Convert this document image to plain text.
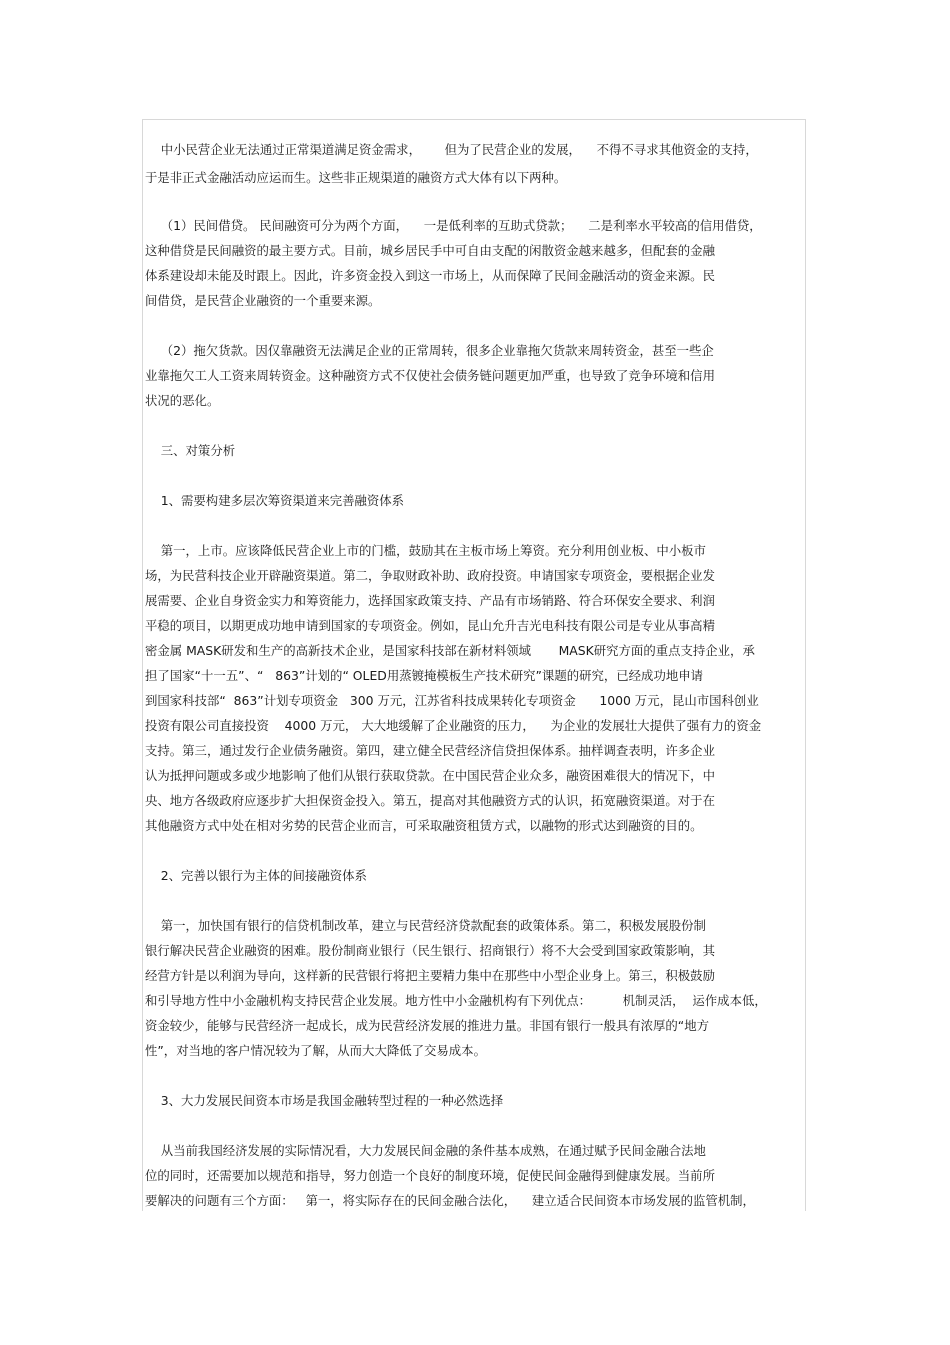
中小民营企业无法通过正常渠道满足资金需求，      但为了民营企业的发展，    不得不寻求其他资金的支持，
于是非正式金融活动应运而生。这些非正规渠道的融资方式大体有以下两种。
（1）民间借贷。 民间融资可分为两个方面，    一是低利率的互助式贷款；    二是利率水平较高的信用借贷，
这种借贷是民间融资的最主要方式。目前，城乡居民手中可自由支配的闲散资金越来越多，但配套的金融
体系建设却未能及时跟上。因此，许多资金投入到这一市场上，从而保障了民间金融活动的资金来源。民
间借贷，是民营企业融资的一个重要来源。
（2）拖欠货款。因仅靠融资无法满足企业的正常周转，很多企业靠拖欠货款来周转资金，甚至一些企
业靠拖欠工人工资来周转资金。这种融资方式不仅使社会债务链问题更加严重，也导致了竞争环境和信用
状况的恶化。
三、对策分析
1、需要构建多层次筹资渠道来完善融资体系
第一，上市。应该降低民营企业上市的门槛，鼓励其在主板市场上筹资。充分利用创业板、中小板市
场，为民营科技企业开辟融资渠道。第二，争取财政补助、政府投资。申请国家专项资金，要根据企业发
展需要、企业自身资金实力和筹资能力，选择国家政策支持、产品有市场销路、符合环保安全要求、利润
平稳的项目，以期更成功地申请到国家的专项资金。例如，昆山允升吉光电科技有限公司是专业从事高精
密金属 MASK研发和生产的高新技术企业，是国家科技部在新材料领域       MASK研究方面的重点支持企业，承
担了国家“十一五”、“   863”计划的“ OLED用蒸镀掩模板生产技术研究”课题的研究，已经成功地申请
到国家科技部“  863”计划专项资金   300 万元，江苏省科技成果转化专项资金      1000 万元，昆山市国科创业
投资有限公司直接投资    4000 万元， 大大地缓解了企业融资的压力，    为企业的发展壮大提供了强有力的资金
支持。第三，通过发行企业债务融资。第四，建立健全民营经济信贷担保体系。抽样调查表明，许多企业
认为抵押问题或多或少地影响了他们从银行获取贷款。在中国民营企业众多，融资困难很大的情况下，中
央、地方各级政府应逐步扩大担保资金投入。第五，提高对其他融资方式的认识，拓宽融资渠道。对于在
其他融资方式中处在相对劣势的民营企业而言，可采取融资租赁方式，以融物的形式达到融资的目的。
2、完善以银行为主体的间接融资体系
第一，加快国有银行的信贷机制改革，建立与民营经济贷款配套的政策体系。第二，积极发展股份制
银行解决民营企业融资的困难。股份制商业银行（民生银行、招商银行）将不大会受到国家政策影响，其
经营方针是以利润为导向，这样新的民营银行将把主要精力集中在那些中小型企业身上。第三，积极鼓励
和引导地方性中小金融机构支持民营企业发展。地方性中小金融机构有下列优点：        机制灵活，  运作成本低，
资金较少，能够与民营经济一起成长，成为民营经济发展的推进力量。非国有银行一般具有浓厚的“地方
性”，对当地的客户情况较为了解，从而大大降低了交易成本。
3、大力发展民间资本市场是我国金融转型过程的一种必然选择
从当前我国经济发展的实际情况看，大力发展民间金融的条件基本成熟，在通过赋予民间金融合法地
位的同时，还需要加以规范和指导，努力创造一个良好的制度环境，促使民间金融得到健康发展。当前所
要解决的问题有三个方面：   第一，将实际存在的民间金融合法化，    建立适合民间资本市场发展的监管机制，
